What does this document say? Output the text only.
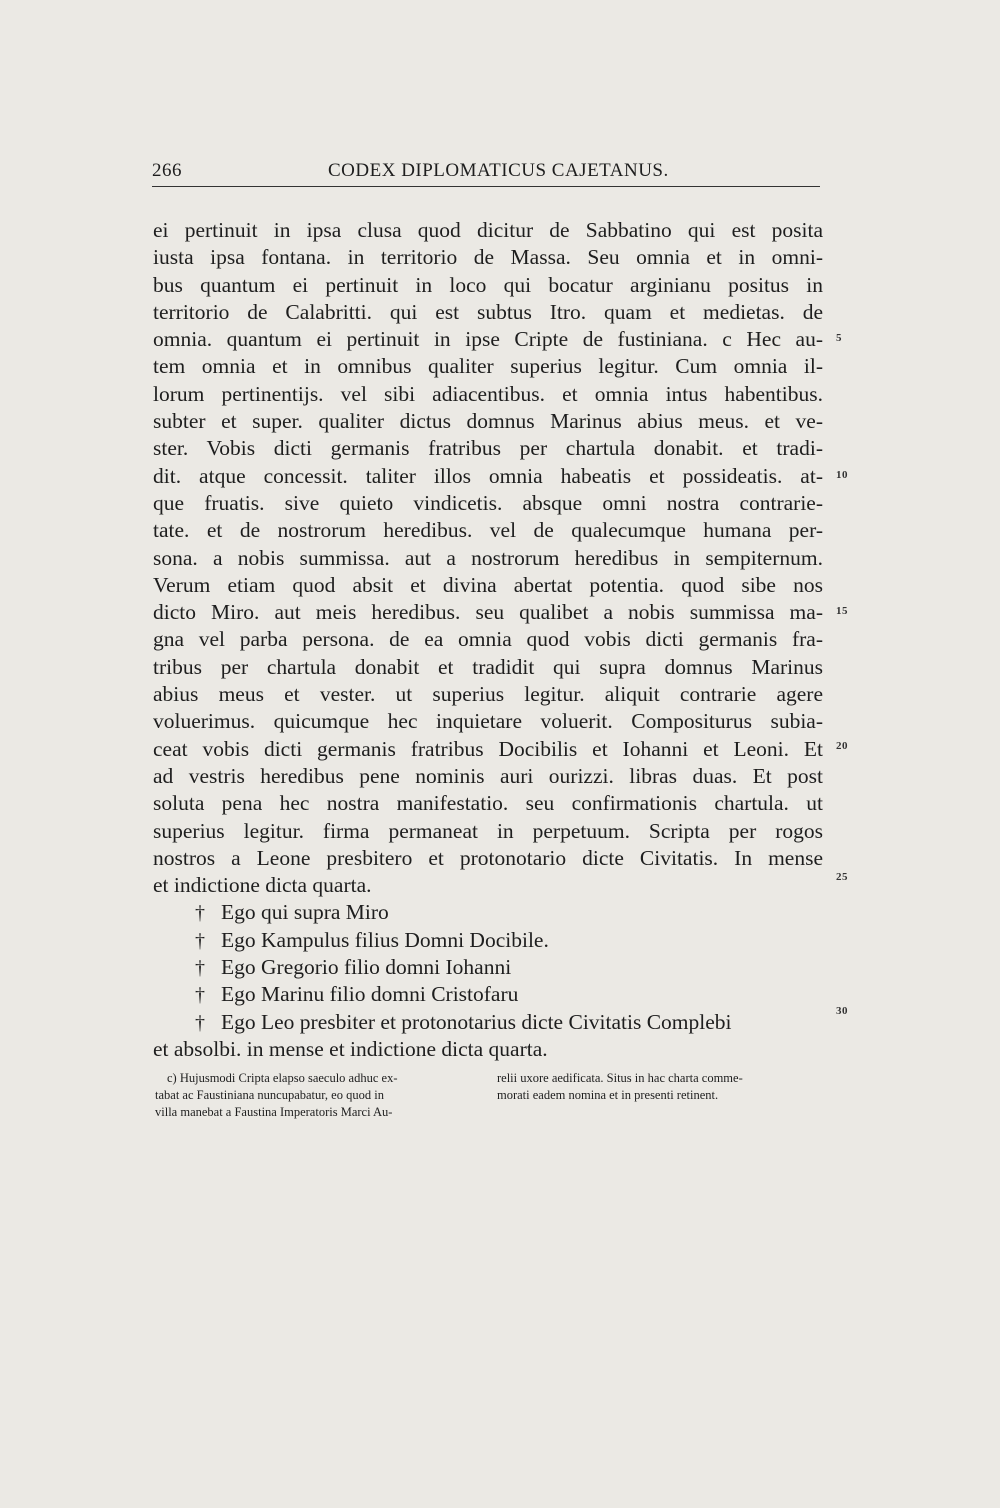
266	CODEX DIPLOMATICUS CAJETANUS.
ei pertinuit in ipsa clusa quod dicitur de Sabbatino qui est posita
iusta ipsa fontana. in territorio de Massa. Seu omnia et in omni-
bus quantum ei pertinuit in loco qui bocatur arginianu positus in
territorio de Calabritti. qui est subtus Itro. quam et medietas. de
omnia. quantum ei pertinuit in ipse Cripte de fustiniana. c Hec au-
tem omnia et in omnibus qualiter superius legitur. Cum omnia il-
lorum pertinentijs. vel sibi adiacentibus. et omnia intus habentibus.
subter et super. qualiter dictus domnus Marinus abius meus. et ve-
ster. Vobis dicti germanis fratribus per chartula donabit. et tradi-
dit. atque concessit. taliter illos omnia habeatis et possideatis. at-
que fruatis. sive quieto vindicetis. absque omni nostra contrarie-
tate. et de nostrorum heredibus. vel de qualecumque humana per-
sona. a nobis summissa. aut a nostrorum heredibus in sempiternum.
Verum etiam quod absit et divina abertat potentia. quod sibe nos
dicto Miro. aut meis heredibus. seu qualibet a nobis summissa ma-
gna vel parba persona. de ea omnia quod vobis dicti germanis fra-
tribus per chartula donabit et tradidit qui supra domnus Marinus
abius meus et vester. ut superius legitur. aliquit contrarie agere
voluerimus. quicumque hec inquietare voluerit. Compositurus subia-
ceat vobis dicti germanis fratribus Docibilis et Iohanni et Leoni. Et
ad vestris heredibus pene nominis auri ourizzi. libras duas. Et post
soluta pena hec nostra manifestatio. seu confirmationis chartula. ut
superius legitur. firma permaneat in perpetuum. Scripta per rogos
nostros a Leone presbitero et protonotario dicte Civitatis. In mense
et indictione dicta quarta.
† Ego qui supra Miro
† Ego Kampulus filius Domni Docibile.
† Ego Gregorio filio domni Iohanni
† Ego Marinu filio domni Cristofaru
† Ego Leo presbiter et protonotarius dicte Civitatis Complebi
et absolbi. in mense et indictione dicta quarta.
5
10
15
20
25
30
c) Hujusmodi Cripta elapso saeculo adhuc ex-
tabat ac Faustiniana nuncupabatur, eo quod in
villa manebat a Faustina Imperatoris Marci Au-
relii uxore aedificata. Situs in hac charta comme-
morati eadem nomina et in presenti retinent.
